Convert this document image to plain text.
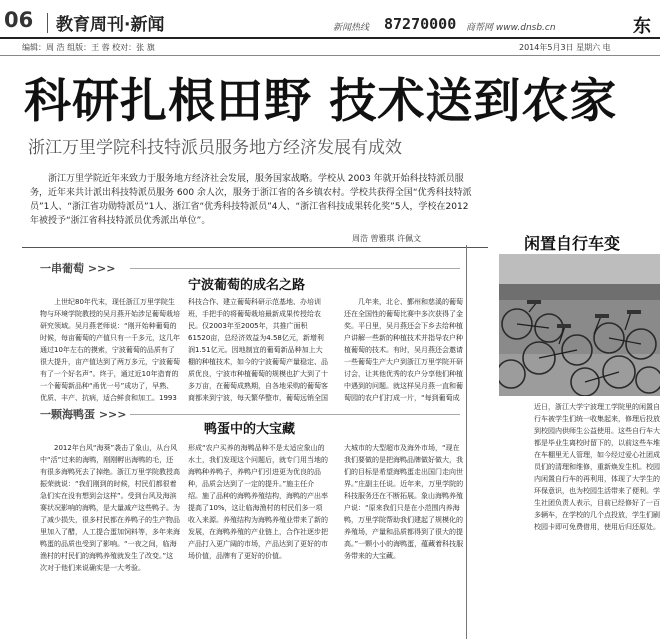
06 教育周刊·新闻	新闻热线 87270000 商帮网 www.dnsb.cn	东
编辑：周 浩 组版：王 蓉 校对：张 旗	2014年5月3日 星期六 电
科研扎根田野 技术送到农家
浙江万里学院科技特派员服务地方经济发展有成效
浙江万里学院近年来致力于服务地方经济社会发展，服务国家战略。学校从 2003 年就开始科技特派员服务，近年来共计派出科技特派员服务 600 余人次，服务于浙江省的各乡镇农村。学校共获得全国“优秀科技特派员”1人、“浙江省功勋特派员”1人、浙江省“优秀科技特派员”4人、“浙江省科技成果转化奖”5人，学校在2012 年被授予“浙江省科技特派员优秀派出单位”。
周浩 曾雅琪 许佩文
一串葡萄 >>>
宁波葡萄的成名之路
上世纪80年代末，现任浙江万里学院生物与环境学院教授的吴月燕开始涉足葡萄栽培研究领域。吴月燕老师说：“刚开始种葡萄的时候，每亩葡萄的产值只有一千多元，这几年通过10年左右的摸索，宁波葡萄的品质有了很大提升，亩产值达到了两万多元，宁波葡萄有了一个好名声”。终于，通过近10年造育的一个葡萄新品种“甬优一号”成功了，早熟、优质、丰产、抗病，适合鲜食和加工。1993
科技合作、建立葡萄科研示范基地、办培训班，手把手的将葡萄栽培最新成果传授给农民。仅2003年至2005年，共推广面积61520亩，总经济效益为4.58亿元，新增利润1.51亿元。因地制宜的葡萄新品种加上大棚的种植技术，如今的宁波葡萄产量稳定、品质优良，宁波市种植葡萄的规模也扩大到了十多万亩，在葡萄成熟期，自各地采购的葡萄客商都来到宁波，每天繁华整市，葡萄远销全国
几年来，北仑、鄞州和慈溪的葡萄还在全国性的葡萄比赛中多次获得了金奖。平日里，吴月燕还会下乡去给种植户讲解一些新的种植技术并指导农户种植葡萄的技术。有时，吴月燕还会邀请一些葡萄生产大户到浙江万里学院开研讨会，让其他优秀的农户分享他们种植中遇到的问题。就这样吴月燕一直和葡萄园的农户们打成一片，“每到葡萄成
一颗海鸭蛋 >>>
鸭蛋中的大宝藏
2012年台风“海葵”袭击了象山，从台风中“活”过来的海鸭，刚刚孵出海鸭的毛，还有很多海鸭死去了掉绝。浙江万里学院教授高振荣就说：“我们刚到的时候，村民们都很着急们实在没有想到会这样”。受到台风及海滨赛状况影响的海鸭，是大量减产这些鸭子。为了减少损失，很多村民都在养鸭子的生产物品里加入了醋，人工提合蛋加饲料等，多年来海鸭蛋的品质也受到了影响。“一夜之间，临海渔村的村民们的海鸭养殖就发生了改变。”这次对于他们来说确实是一大考验。
形成“农户买养的海鸭品种不是太适应象山的水土，我们发现这个问题后，就专门用当地的海鸭种养鸭子，养鸭户们引进更为优良的品种，品质会达到了一定的提升。”施主任介绍。施了品种的海鸭养殖结构，海鸭的产出率提高了10%，这让临海渔村的村民们多一项收入来源。养殖结构为海鸭养殖业带来了新的发展，在海鸭养殖的产业链上，合作社逐步把产品打入更广阔的市场，产品达到了更好的市场价值，品牌有了更好的价值。
大城市的大型超市及海外市场，“现在我们要做的是把海鸭品牌做好做大，我们的目标是希望海鸭蛋走出国门走向世界。”庄副主任说。近年来，万里学院的科技服务还在不断拓展。象山海鸭养殖户说：“原来我们只是在小范围内养海鸭，万里学院帮助我们建起了规模化的养殖场，产量和品质都得到了很大的提高。”一颗小小的海鸭蛋，蕴藏着科技服务带来的大宝藏。
闲置自行车变
近日，浙江大学宁波理工学院里的闲置自行车被学生们统一收集起来，修理后投放到校园内供师生公益使用。这些自行车大都是毕业生离校时留下的，以前这些车堆在车棚里无人管理，如今经过爱心社团成员们的清理和维修，重新焕发生机。校园内闲置自行车的再利用，体现了大学生的环保意识，也为校园生活带来了便利。学生社团负责人表示，目前已经修好了一百多辆车，在学校的几个点投放，学生们刷校园卡即可免费借用，使用后归还原处。
